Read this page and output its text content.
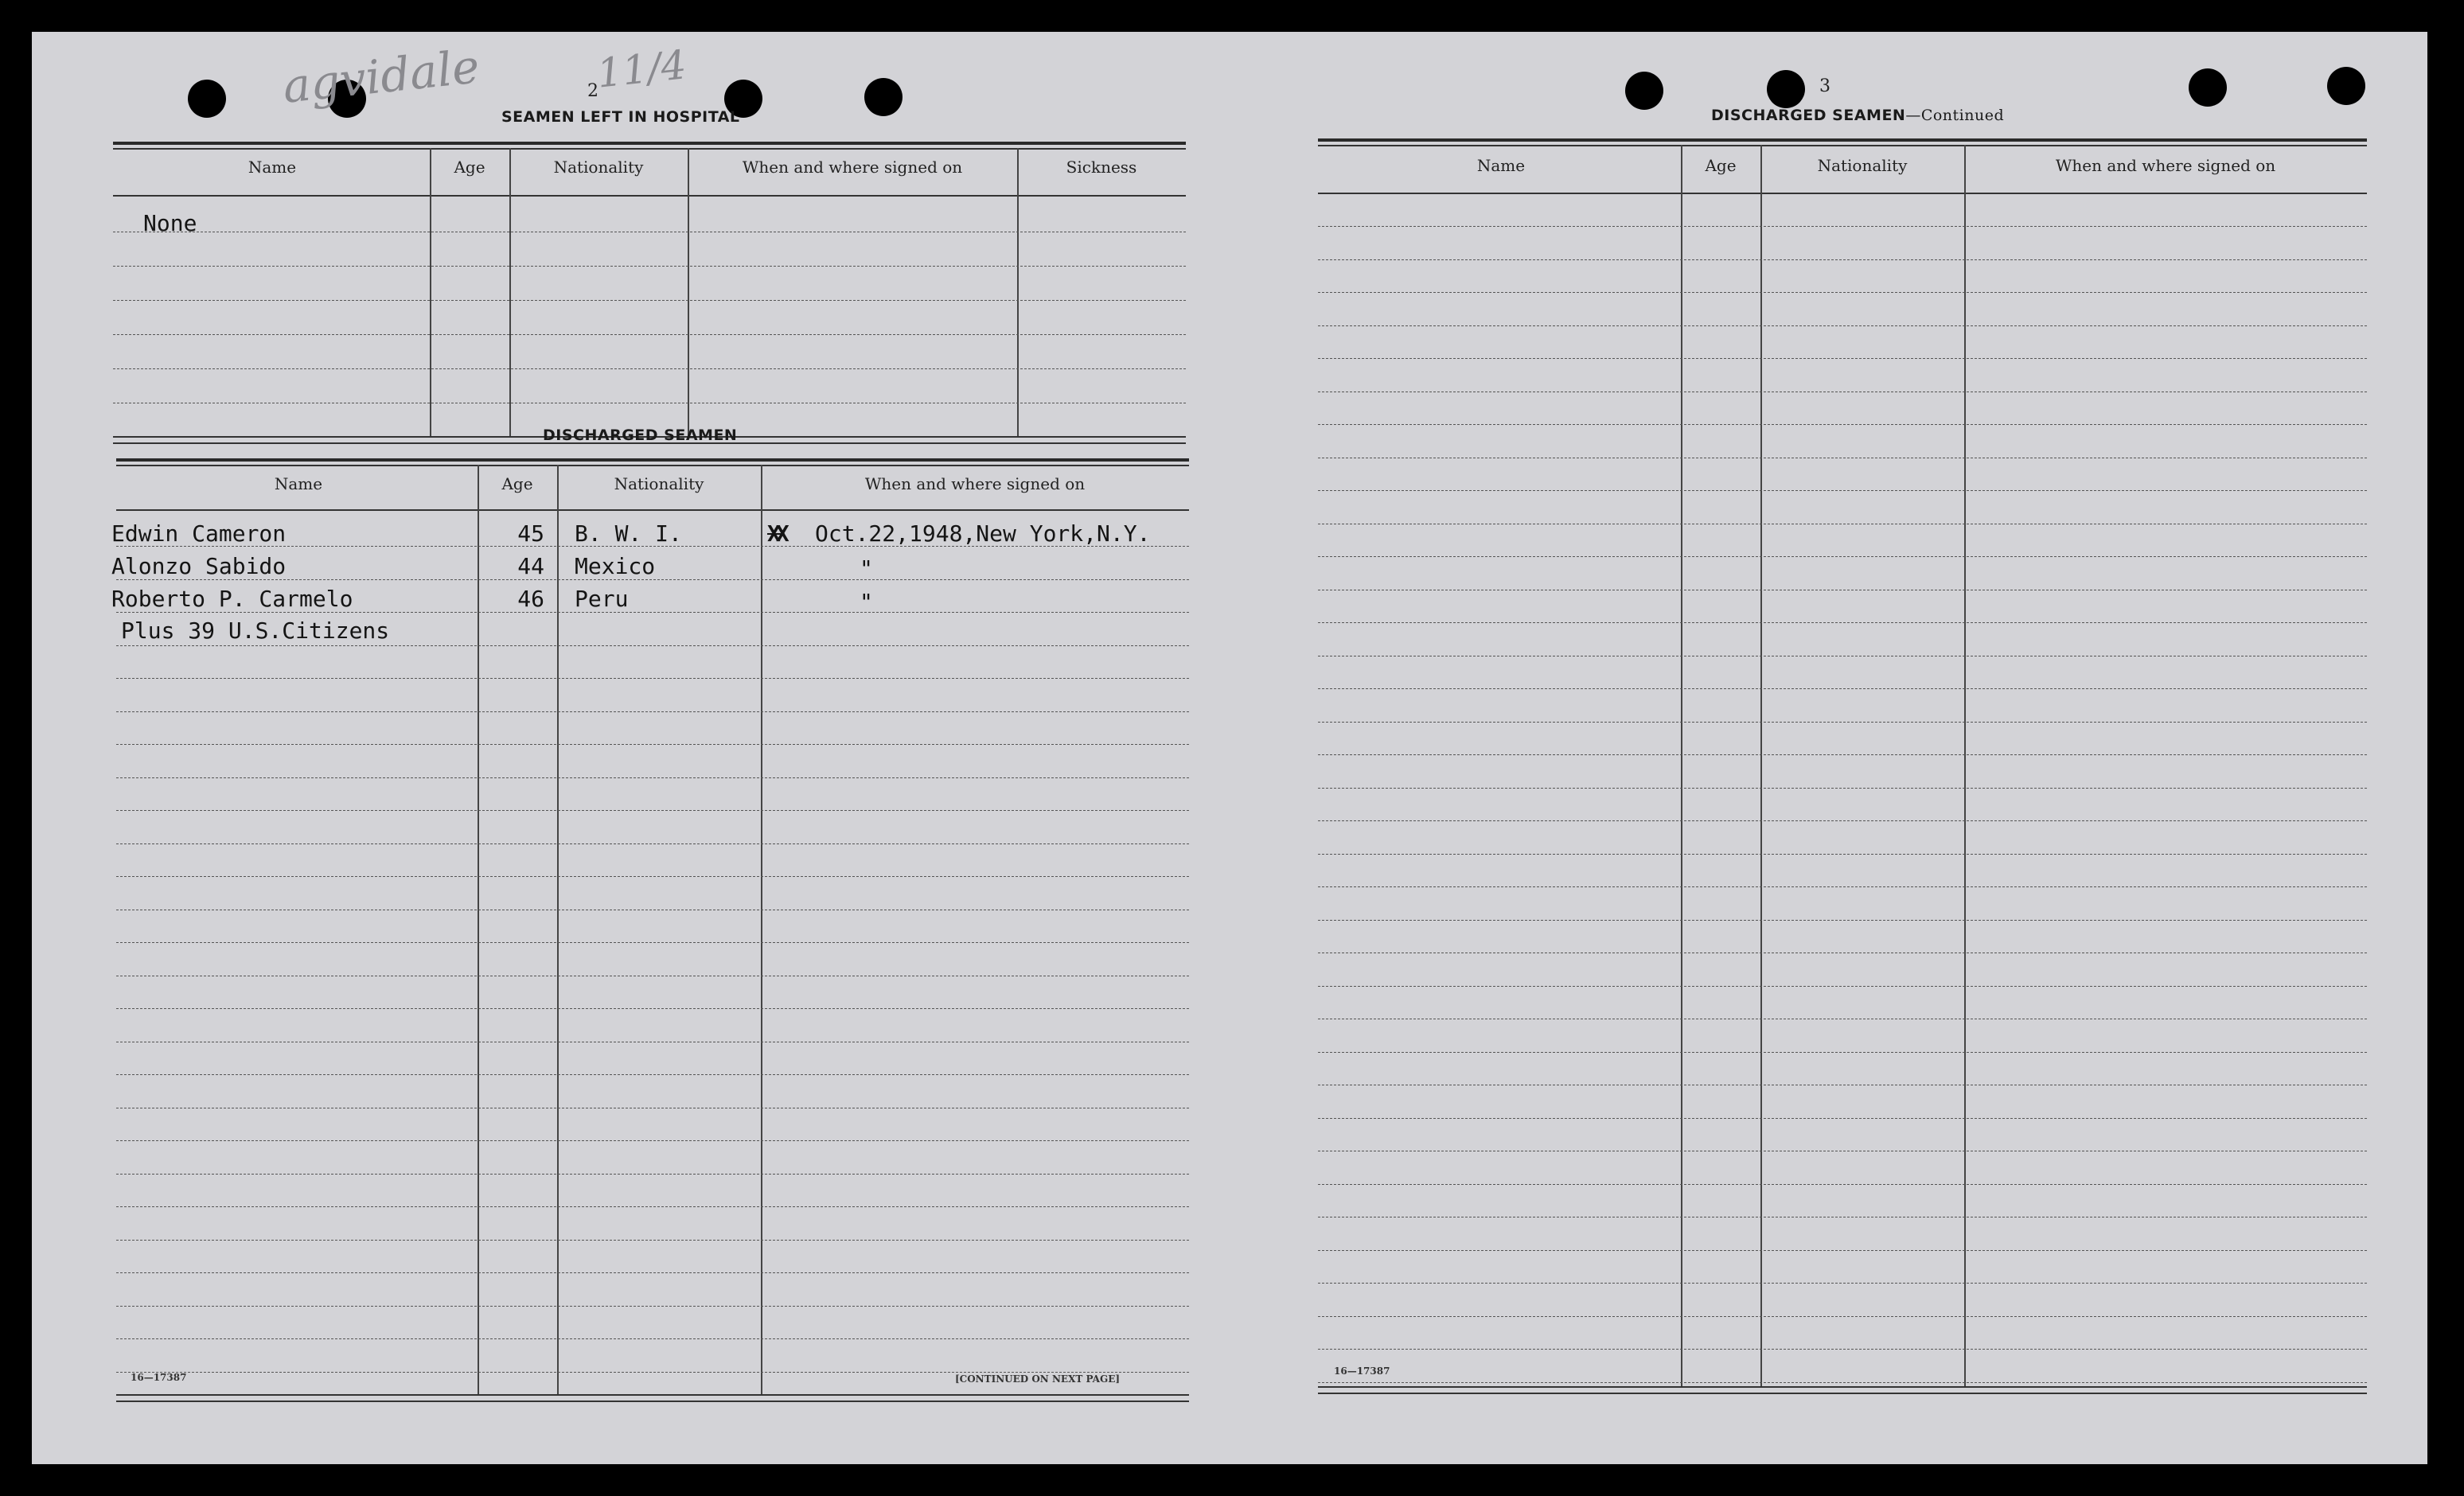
agvidale	11/4
2
SEAMEN LEFT IN HOSPITAL
Name	Age	Nationality	When and where signed on	Sickness
None
DISCHARGED SEAMEN
Name	Age	Nationality	When and where signed on
Edwin Cameron	45 B. W. I.	XX Oct.22,1948,New York,N.Y.
Alonzo Sabido	44 Mexico	"
Roberto P. Carmelo	46 Peru	"
Plus 39 U.S.Citizens
16—17387	[CONTINUED ON NEXT PAGE]
3
DISCHARGED SEAMEN—Continued
Name	Age	Nationality	When and where signed on
16—17387
